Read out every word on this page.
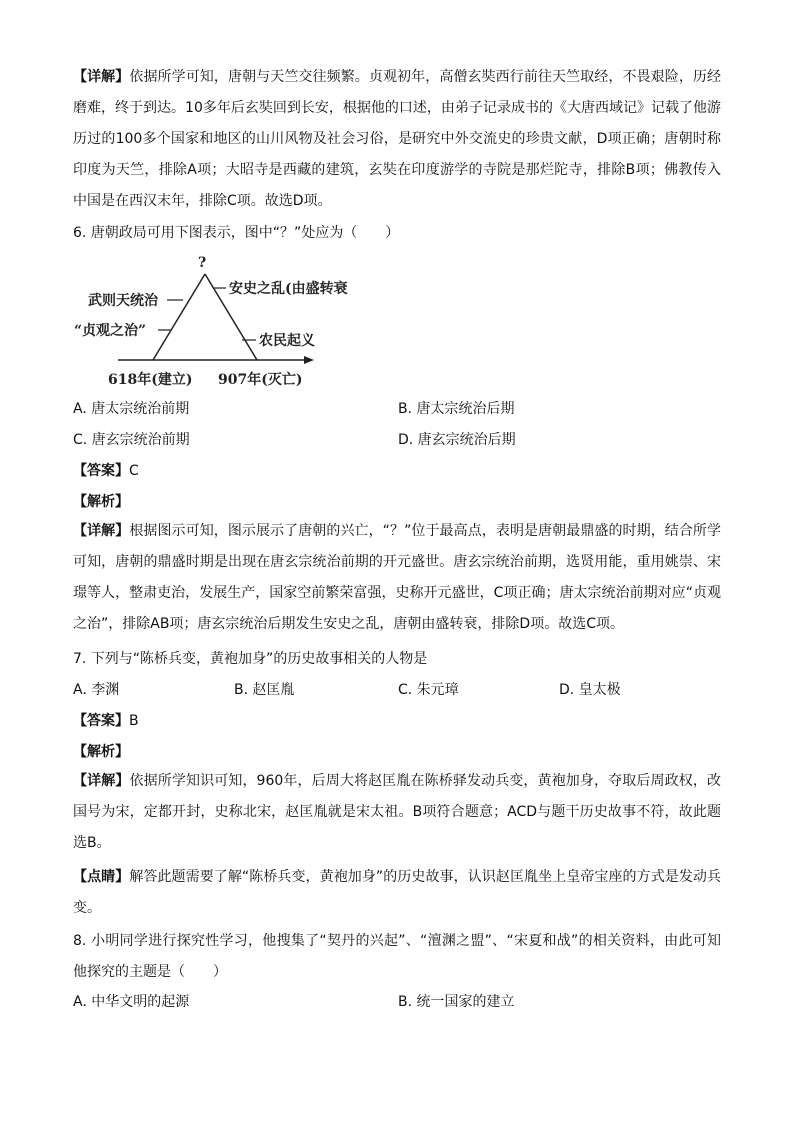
【详解】依据所学可知，唐朝与天竺交往频繁。贞观初年，高僧玄奘西行前往天竺取经，不畏艰险，历经磨难，终于到达。10多年后玄奘回到长安，根据他的口述，由弟子记录成书的《大唐西域记》记载了他游历过的100多个国家和地区的山川风物及社会习俗，是研究中外交流史的珍贵文献，D项正确；唐朝时称印度为天竺，排除A项；大昭寺是西藏的建筑，玄奘在印度游学的寺院是那烂陀寺，排除B项；佛教传入中国是在西汉末年，排除C项。故选D项。

6. 唐朝政局可用下图表示，图中“？”处应为（　　）

?
武则天统治
“贞观之治”
安史之乱(由盛转衰
农民起义
618年(建立) 907年(灭亡)
A. 唐太宗统治前期	B. 唐太宗统治后期
C. 唐玄宗统治前期	D. 唐玄宗统治后期

【答案】C

【解析】

【详解】根据图示可知，图示展示了唐朝的兴亡，“？”位于最高点，表明是唐朝最鼎盛的时期，结合所学可知，唐朝的鼎盛时期是出现在唐玄宗统治前期的开元盛世。唐玄宗统治前期，选贤用能，重用姚崇、宋璟等人，整肃吏治，发展生产，国家空前繁荣富强，史称开元盛世，C项正确；唐太宗统治前期对应“贞观之治”，排除AB项；唐玄宗统治后期发生安史之乱，唐朝由盛转衰，排除D项。故选C项。

7. 下列与“陈桥兵变，黄袍加身”的历史故事相关的人物是

A. 李渊	B. 赵匡胤	C. 朱元璋	D. 皇太极

【答案】B

【解析】

【详解】依据所学知识可知，960年，后周大将赵匡胤在陈桥驿发动兵变，黄袍加身，夺取后周政权，改国号为宋，定都开封，史称北宋，赵匡胤就是宋太祖。B项符合题意；ACD与题干历史故事不符，故此题选B。

【点睛】解答此题需要了解“陈桥兵变，黄袍加身”的历史故事，认识赵匡胤坐上皇帝宝座的方式是发动兵变。

8. 小明同学进行探究性学习，他搜集了“契丹的兴起”、“澶渊之盟”、“宋夏和战”的相关资料，由此可知他探究的主题是（　　）

A. 中华文明的起源	B. 统一国家的建立
